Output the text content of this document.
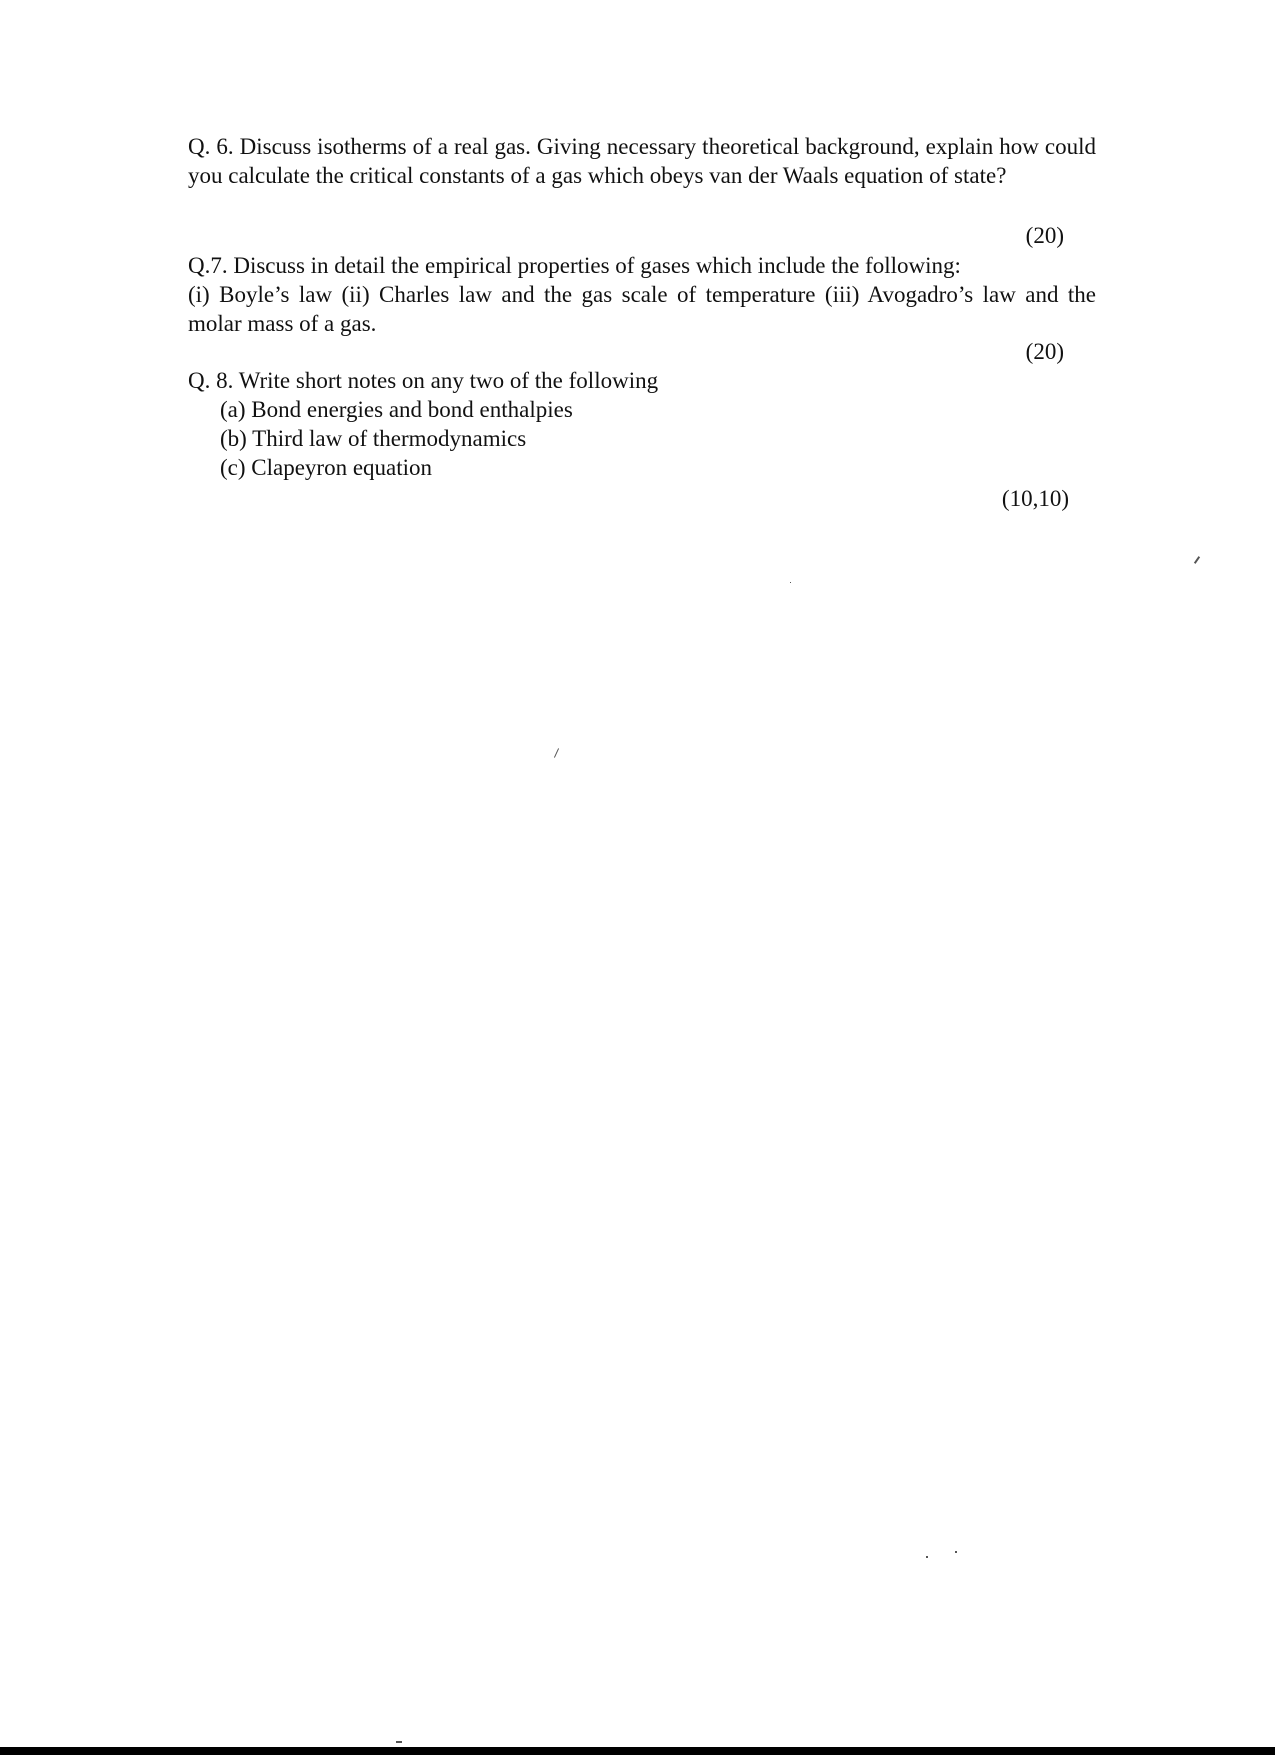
Q. 6. Discuss isotherms of a real gas. Giving necessary theoretical background, explain how could you calculate the critical constants of a gas which obeys van der Waals equation of state?

(20)

Q.7. Discuss in detail the empirical properties of gases which include the following:

(i) Boyle’s law (ii) Charles law and the gas scale of temperature (iii) Avogadro’s law and the molar mass of a gas.

(20)

Q. 8. Write short notes on any two of the following

(a) Bond energies and bond enthalpies
(b) Third law of thermodynamics
(c) Clapeyron equation

(10,10)
